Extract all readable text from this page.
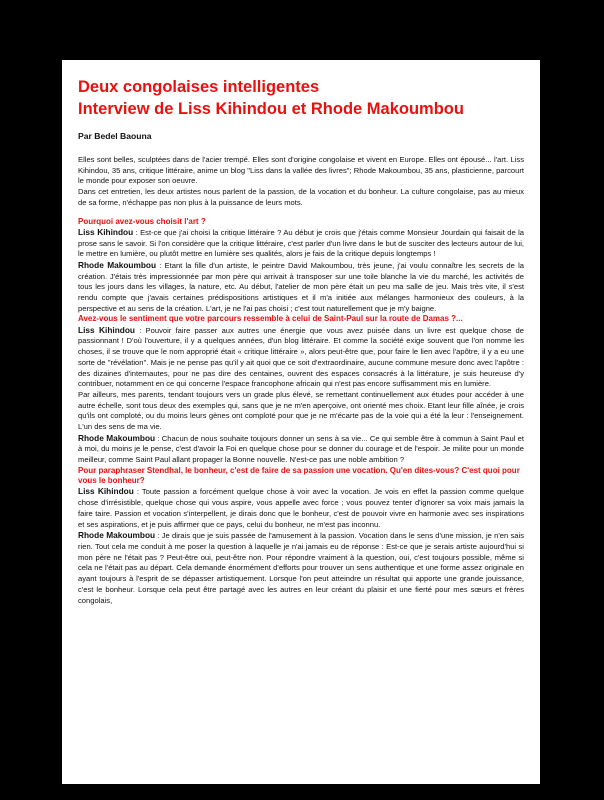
Deux congolaises intelligentes
Interview de Liss Kihindou et Rhode Makoumbou
Par Bedel Baouna

Elles sont belles, sculptées dans de l'acier trempé. Elles sont d'origine congolaise et vivent en Europe. Elles ont épousé... l'art. Liss Kihindou, 35 ans, critique littéraire, anime un blog "Liss dans la vallée des livres"; Rhode Makoumbou, 35 ans, plasticienne, parcourt le monde pour exposer son oeuvre.

Dans cet entretien, les deux artistes nous parlent de la passion, de la vocation et du bonheur. La culture congolaise, pas au mieux de sa forme, n'échappe pas non plus à la puissance de leurs mots.

Pourquoi avez-vous choisit l'art ?

Liss Kihindou : Est-ce que j'ai choisi la critique littéraire ? Au début je crois que j'étais comme Monsieur Jourdain qui faisait de la prose sans le savoir. Si l'on considère que la critique littéraire, c'est parler d'un livre dans le but de susciter des lecteurs autour de lui, le mettre en lumière, ou plutôt mettre en lumière ses qualités, alors je fais de la critique depuis longtemps !

Rhode Makoumbou : Etant la fille d'un artiste, le peintre David Makoumbou, très jeune, j'ai voulu connaître les secrets de la création. J'étais très impressionnée par mon père qui arrivait à transposer sur une toile blanche la vie du marché, les activités de tous les jours dans les villages, la nature, etc. Au début, l'atelier de mon père était un peu ma salle de jeu. Mais très vite, il s'est rendu compte que j'avais certaines prédispositions artistiques et il m'a initiée aux mélanges harmonieux des couleurs, à la perspective et au sens de la création. L'art, je ne l'ai pas choisi ; c'est tout naturellement que je m'y baigne.

Avez-vous le sentiment que votre parcours ressemble à celui de Saint-Paul sur la route de Damas ?...

Liss Kihindou : Pouvoir faire passer aux autres une énergie que vous avez puisée dans un livre est quelque chose de passionnant ! D'où l'ouverture, il y a quelques années, d'un blog littéraire. Et comme la société exige souvent que l'on nomme les choses, il se trouve que le nom approprié était « critique littéraire », alors peut-être que, pour faire le lien avec l'apôtre, il y a eu une sorte de ''révélation''. Mais je ne pense pas qu'il y ait quoi que ce soit d'extraordinaire, aucune commune mesure donc avec l'apôtre : des dizaines d'internautes, pour ne pas dire des centaines, ouvrent des espaces consacrés à la littérature, je suis heureuse d'y contribuer, notamment en ce qui concerne l'espace francophone africain qui n'est pas encore suffisamment mis en lumière.

Par ailleurs, mes parents, tendant toujours vers un grade plus élevé, se remettant continuellement aux études pour accéder à une autre échelle, sont tous deux des exemples qui, sans que je ne m'en aperçoive, ont orienté mes choix. Etant leur fille aînée, je crois qu'ils ont comploté, ou du moins leurs gènes ont comploté pour que je ne m'écarte pas de la voie qui a été la leur : l'enseignement. L'un des sens de ma vie.

Rhode Makoumbou : Chacun de nous souhaite toujours donner un sens à sa vie... Ce qui semble être à commun à Saint Paul et à moi, du moins je le pense, c'est d'avoir la Foi en quelque chose pour se donner du courage et de l'espoir. Je milite pour un monde meilleur, comme Saint Paul allant propager la Bonne nouvelle. N'est-ce pas une noble ambition ?

Pour paraphraser Stendhal, le bonheur, c'est de faire de sa passion une vocation. Qu'en dites-vous? C'est quoi pour vous le bonheur?

Liss Kihindou : Toute passion a forcément quelque chose à voir avec la vocation. Je vois en effet la passion comme quelque chose d'irrésistible, quelque chose qui vous aspire, vous appelle avec force ; vous pouvez tenter d'ignorer sa voix mais jamais la faire taire. Passion et vocation s'interpellent, je dirais donc que le bonheur, c'est de pouvoir vivre en harmonie avec ses inspirations et ses aspirations, et je puis affirmer que ce pays, celui du bonheur, ne m'est pas inconnu.

Rhode Makoumbou : Je dirais que je suis passée de l'amusement à la passion. Vocation dans le sens d'une mission, je n'en sais rien. Tout cela me conduit à me poser la question à laquelle je n'ai jamais eu de réponse : Est-ce que je serais artiste aujourd'hui si mon père ne l'était pas ? Peut-être oui, peut-être non. Pour répondre vraiment à la question, oui, c'est toujours possible, même si cela ne l'était pas au départ. Cela demande énormément d'efforts pour trouver un sens authentique et une forme assez originale en ayant toujours à l'esprit de se dépasser artistiquement. Lorsque l'on peut atteindre un résultat qui apporte une grande jouissance, c'est le bonheur. Lorsque cela peut être partagé avec les autres en leur créant du plaisir et une fierté pour mes sœurs et frères congolais,
